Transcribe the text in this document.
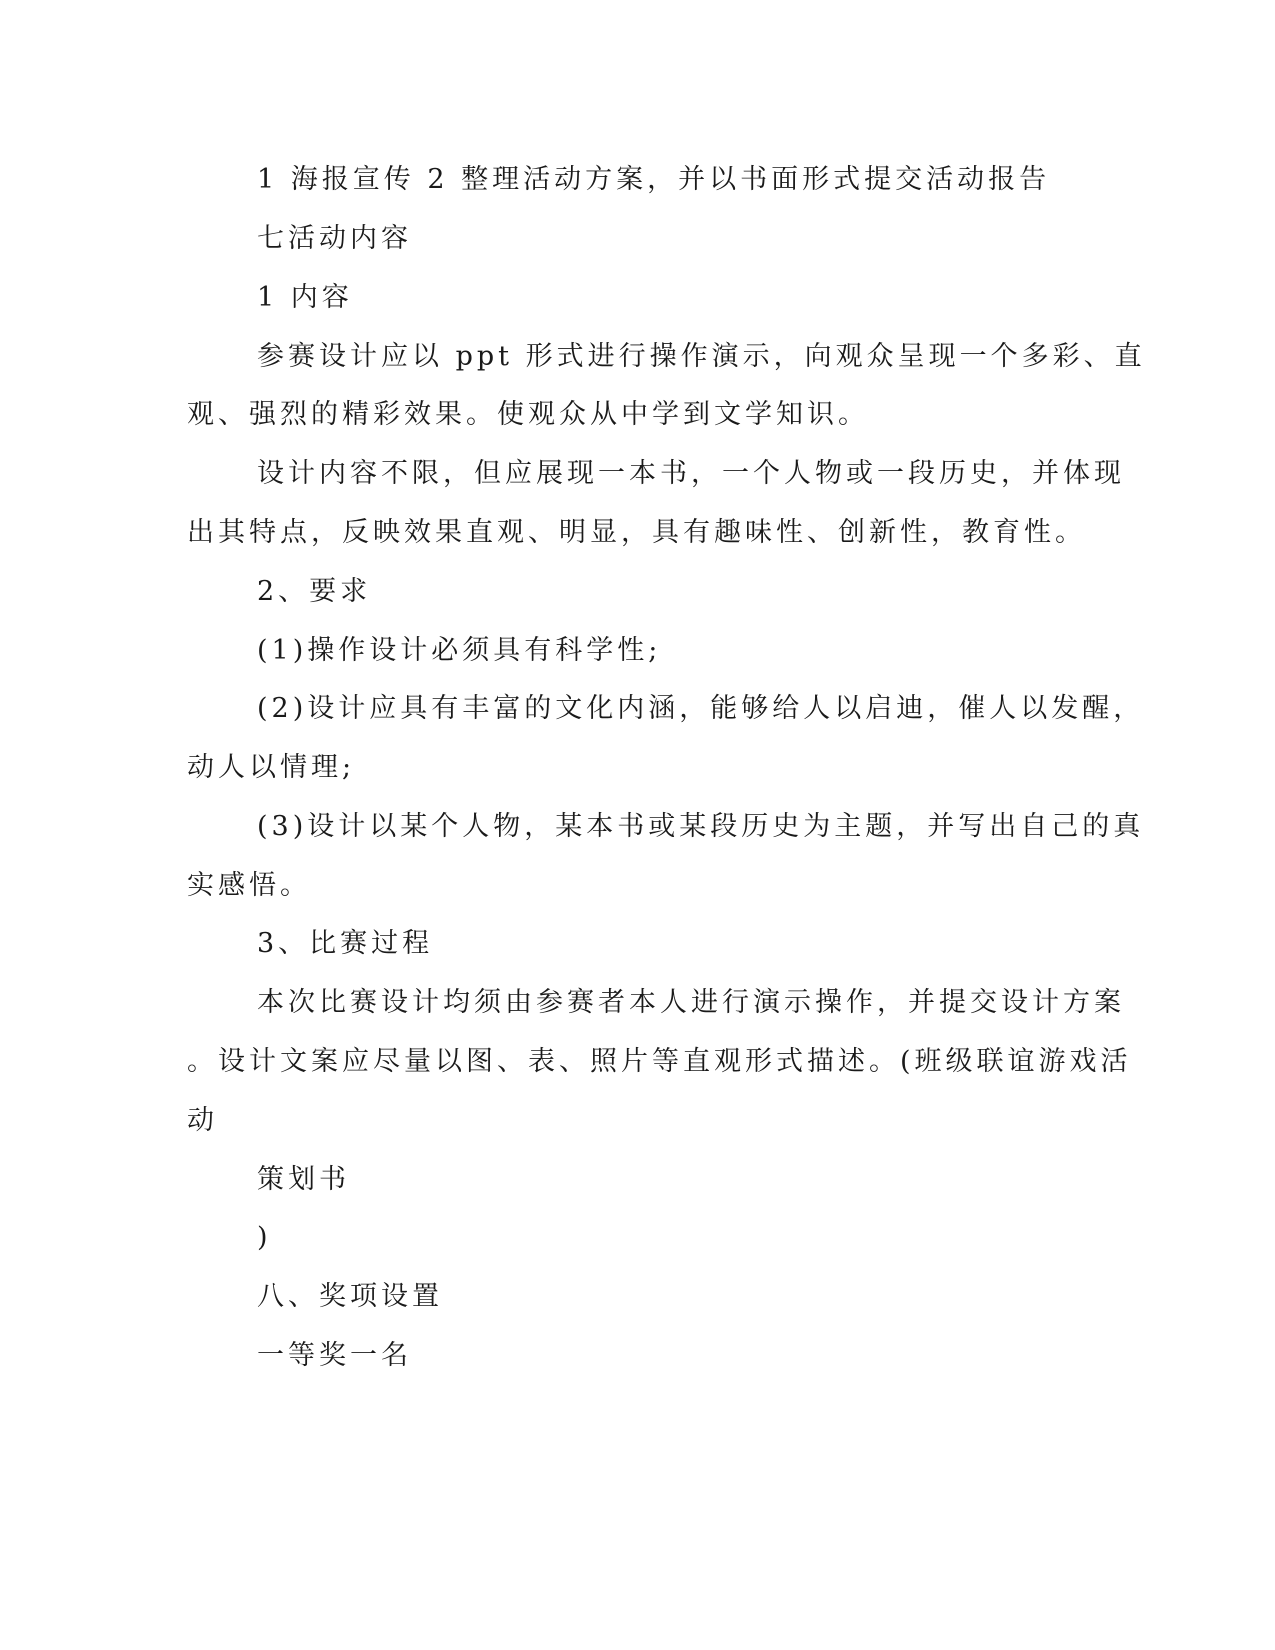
1 海报宣传 2 整理活动方案，并以书面形式提交活动报告
七活动内容
1 内容
参赛设计应以 ppt 形式进行操作演示，向观众呈现一个多彩、直
观、强烈的精彩效果。使观众从中学到文学知识。
设计内容不限，但应展现一本书，一个人物或一段历史，并体现
出其特点，反映效果直观、明显，具有趣味性、创新性，教育性。
2、要求
(1)操作设计必须具有科学性;
(2)设计应具有丰富的文化内涵，能够给人以启迪，催人以发醒，
动人以情理;
(3)设计以某个人物，某本书或某段历史为主题，并写出自己的真
实感悟。
3、比赛过程
本次比赛设计均须由参赛者本人进行演示操作，并提交设计方案
。设计文案应尽量以图、表、照片等直观形式描述。(班级联谊游戏活
动
策划书
)
八、奖项设置
一等奖一名
